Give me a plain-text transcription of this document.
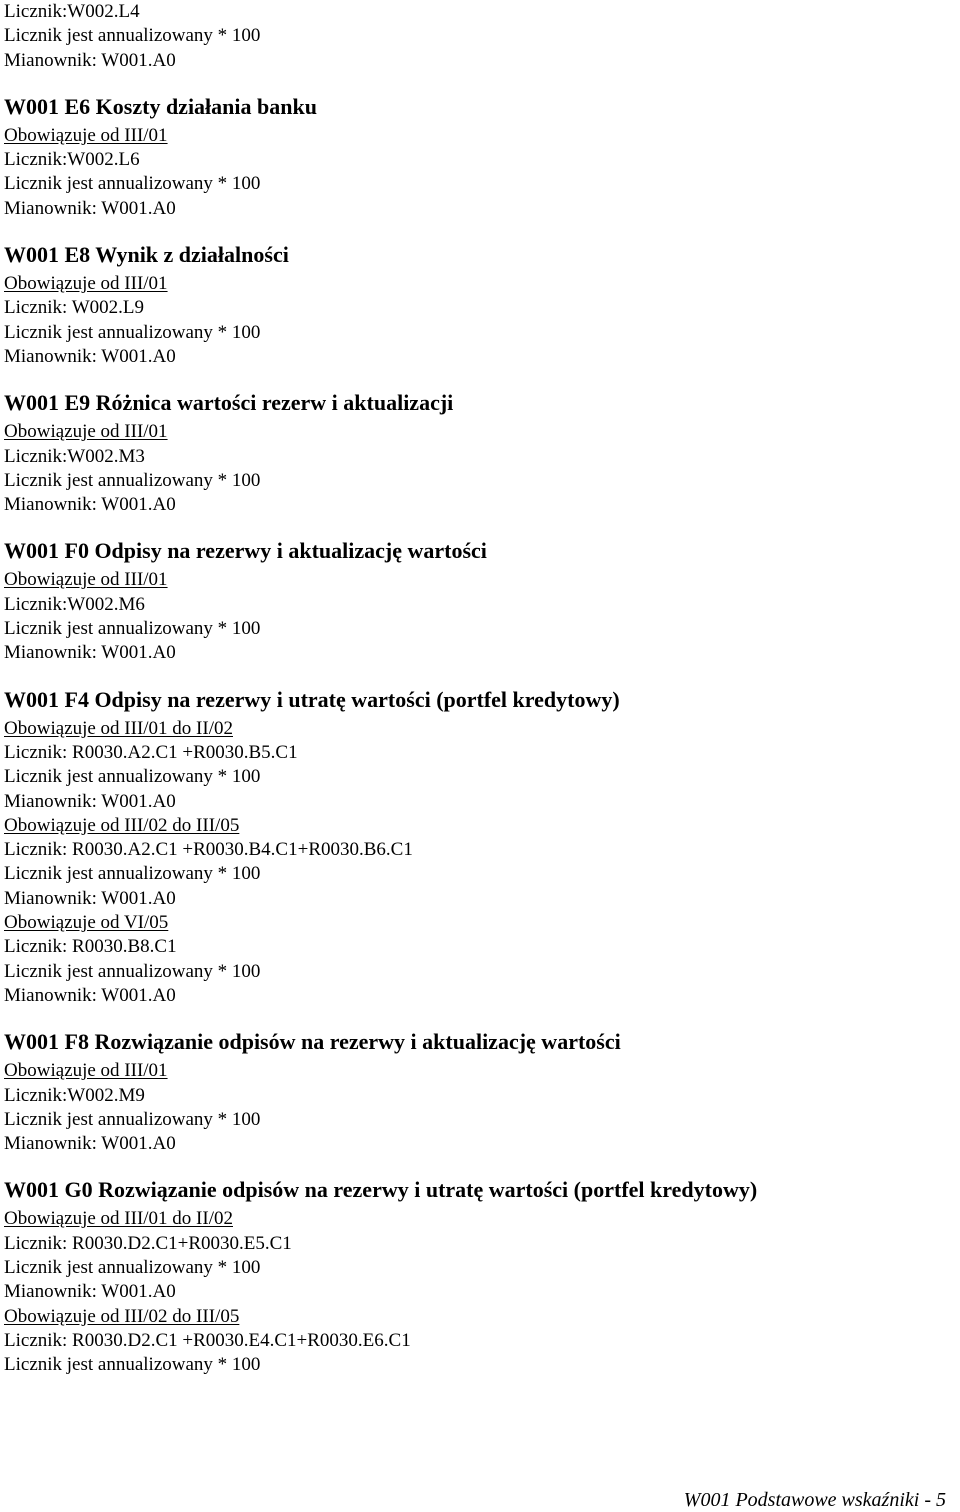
Licznik:W002.L4
Licznik jest annualizowany * 100
Mianownik: W001.A0
W001 E6 Koszty działania banku
Obowiązuje od III/01
Licznik:W002.L6
Licznik jest annualizowany * 100
Mianownik: W001.A0
W001 E8 Wynik z działalności
Obowiązuje od III/01
Licznik: W002.L9
Licznik jest annualizowany * 100
Mianownik: W001.A0
W001 E9 Różnica wartości rezerw i aktualizacji
Obowiązuje od III/01
Licznik:W002.M3
Licznik jest annualizowany * 100
Mianownik: W001.A0
W001 F0 Odpisy na rezerwy i aktualizację wartości
Obowiązuje od III/01
Licznik:W002.M6
Licznik jest annualizowany * 100
Mianownik: W001.A0
W001 F4 Odpisy na rezerwy i utratę wartości (portfel kredytowy)
Obowiązuje od III/01 do II/02
Licznik: R0030.A2.C1 +R0030.B5.C1
Licznik jest annualizowany * 100
Mianownik: W001.A0
Obowiązuje od III/02 do III/05
Licznik: R0030.A2.C1 +R0030.B4.C1+R0030.B6.C1
Licznik jest annualizowany * 100
Mianownik: W001.A0
Obowiązuje od VI/05
Licznik: R0030.B8.C1
Licznik jest annualizowany * 100
Mianownik: W001.A0
W001 F8 Rozwiązanie odpisów na rezerwy i aktualizację wartości
Obowiązuje od III/01
Licznik:W002.M9
Licznik jest annualizowany * 100
Mianownik: W001.A0
W001 G0 Rozwiązanie odpisów na rezerwy i utratę wartości (portfel kredytowy)
Obowiązuje od III/01 do II/02
Licznik: R0030.D2.C1+R0030.E5.C1
Licznik jest annualizowany * 100
Mianownik: W001.A0
Obowiązuje od III/02 do III/05
Licznik: R0030.D2.C1 +R0030.E4.C1+R0030.E6.C1
Licznik jest annualizowany * 100
W001 Podstawowe wskaźniki - 5
